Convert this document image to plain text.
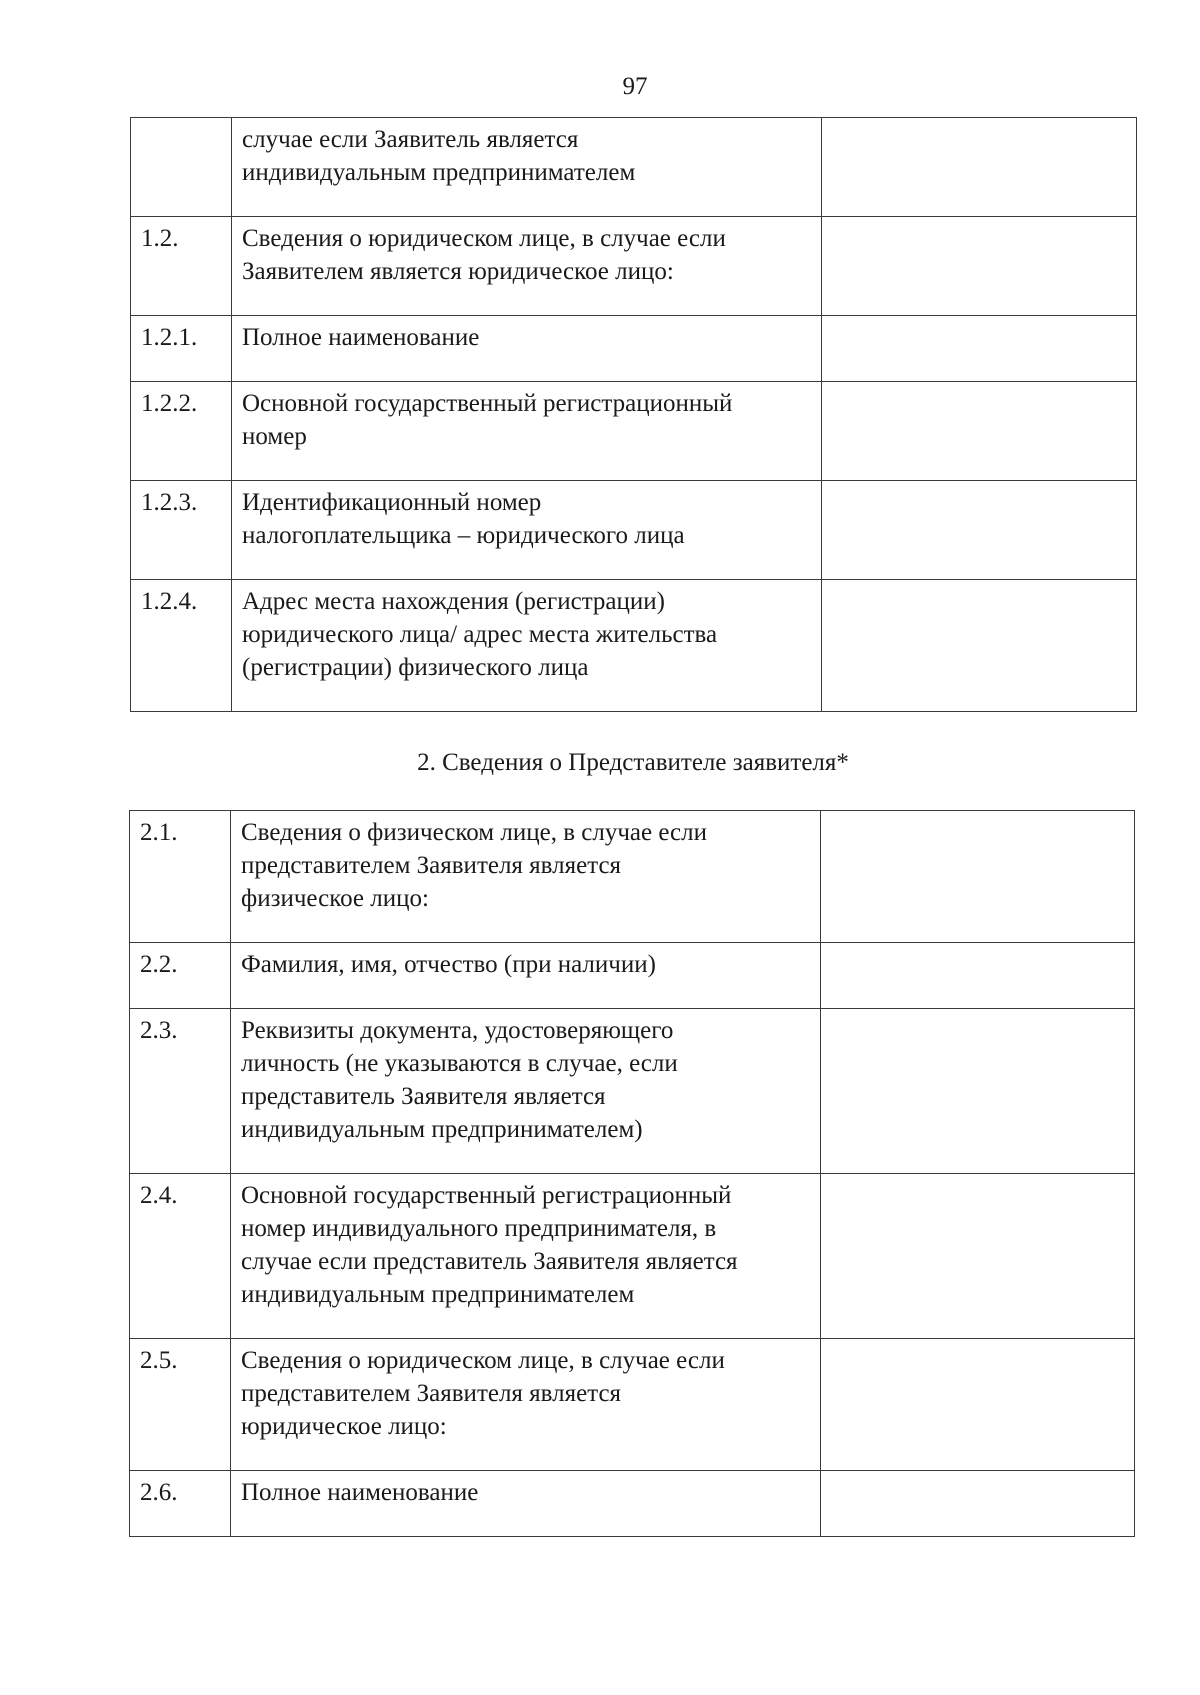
97
	случае если Заявитель является
индивидуальным предпринимателем	
1.2.	Сведения о юридическом лице, в случае если
Заявителем является юридическое лицо:	
1.2.1.	Полное наименование	
1.2.2.	Основной государственный регистрационный
номер	
1.2.3.	Идентификационный номер
налогоплательщика – юридического лица	
1.2.4.	Адрес места нахождения (регистрации)
юридического лица/ адрес места жительства
(регистрации) физического лица	
2. Сведения о Представителе заявителя*
2.1.	Сведения о физическом лице, в случае если
представителем Заявителя является
физическое лицо:	
2.2.	Фамилия, имя, отчество (при наличии)	
2.3.	Реквизиты документа, удостоверяющего
личность (не указываются в случае, если
представитель Заявителя является
индивидуальным предпринимателем)	
2.4.	Основной государственный регистрационный
номер индивидуального предпринимателя, в
случае если представитель Заявителя является
индивидуальным предпринимателем	
2.5.	Сведения о юридическом лице, в случае если
представителем Заявителя является
юридическое лицо:	
2.6.	Полное наименование	
